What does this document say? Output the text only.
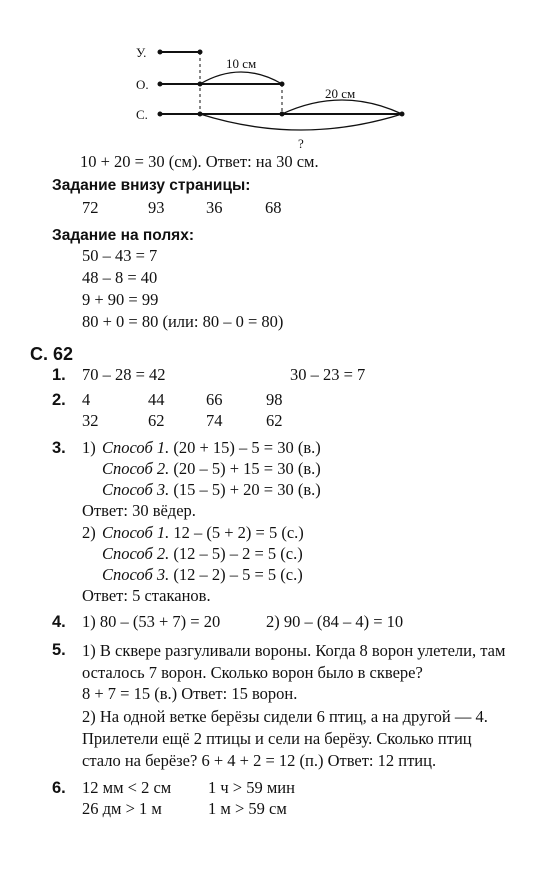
У.
О.
С.
10 см
20 см
?
10 + 20 = 30 (см). Ответ: на 30 см.
Задание внизу страницы:
72	93	36	68
Задание на полях:
50 – 43 = 7
48 – 8 = 40
9 + 90 = 99
80 + 0 = 80 (или: 80 – 0 = 80)
С. 62
1. 70 – 28 = 42	30 – 23 = 7
2. 4	44	66	98
32	62	74	62
3. 1) Способ 1. (20 + 15) – 5 = 30 (в.)
Способ 2. (20 – 5) + 15 = 30 (в.)
Способ 3. (15 – 5) + 20 = 30 (в.)
Ответ: 30 вёдер.
2) Способ 1. 12 – (5 + 2) = 5 (с.)
Способ 2. (12 – 5) – 2 = 5 (с.)
Способ 3. (12 – 2) – 5 = 5 (с.)
Ответ: 5 стаканов.
4. 1) 80 – (53 + 7) = 20	2) 90 – (84 – 4) = 10
5. 1) В сквере разгуливали вороны. Когда 8 ворон улетели, там осталось 7 ворон. Сколько ворон было в сквере?
8 + 7 = 15 (в.) Ответ: 15 ворон.
2) На одной ветке берёзы сидели 6 птиц, а на другой — 4. Прилетели ещё 2 птицы и сели на берёзу. Сколько птиц стало на берёзе? 6 + 4 + 2 = 12 (п.) Ответ: 12 птиц.
6. 12 мм < 2 см 1 ч > 59 мин
26 дм > 1 м	1 м > 59 см
